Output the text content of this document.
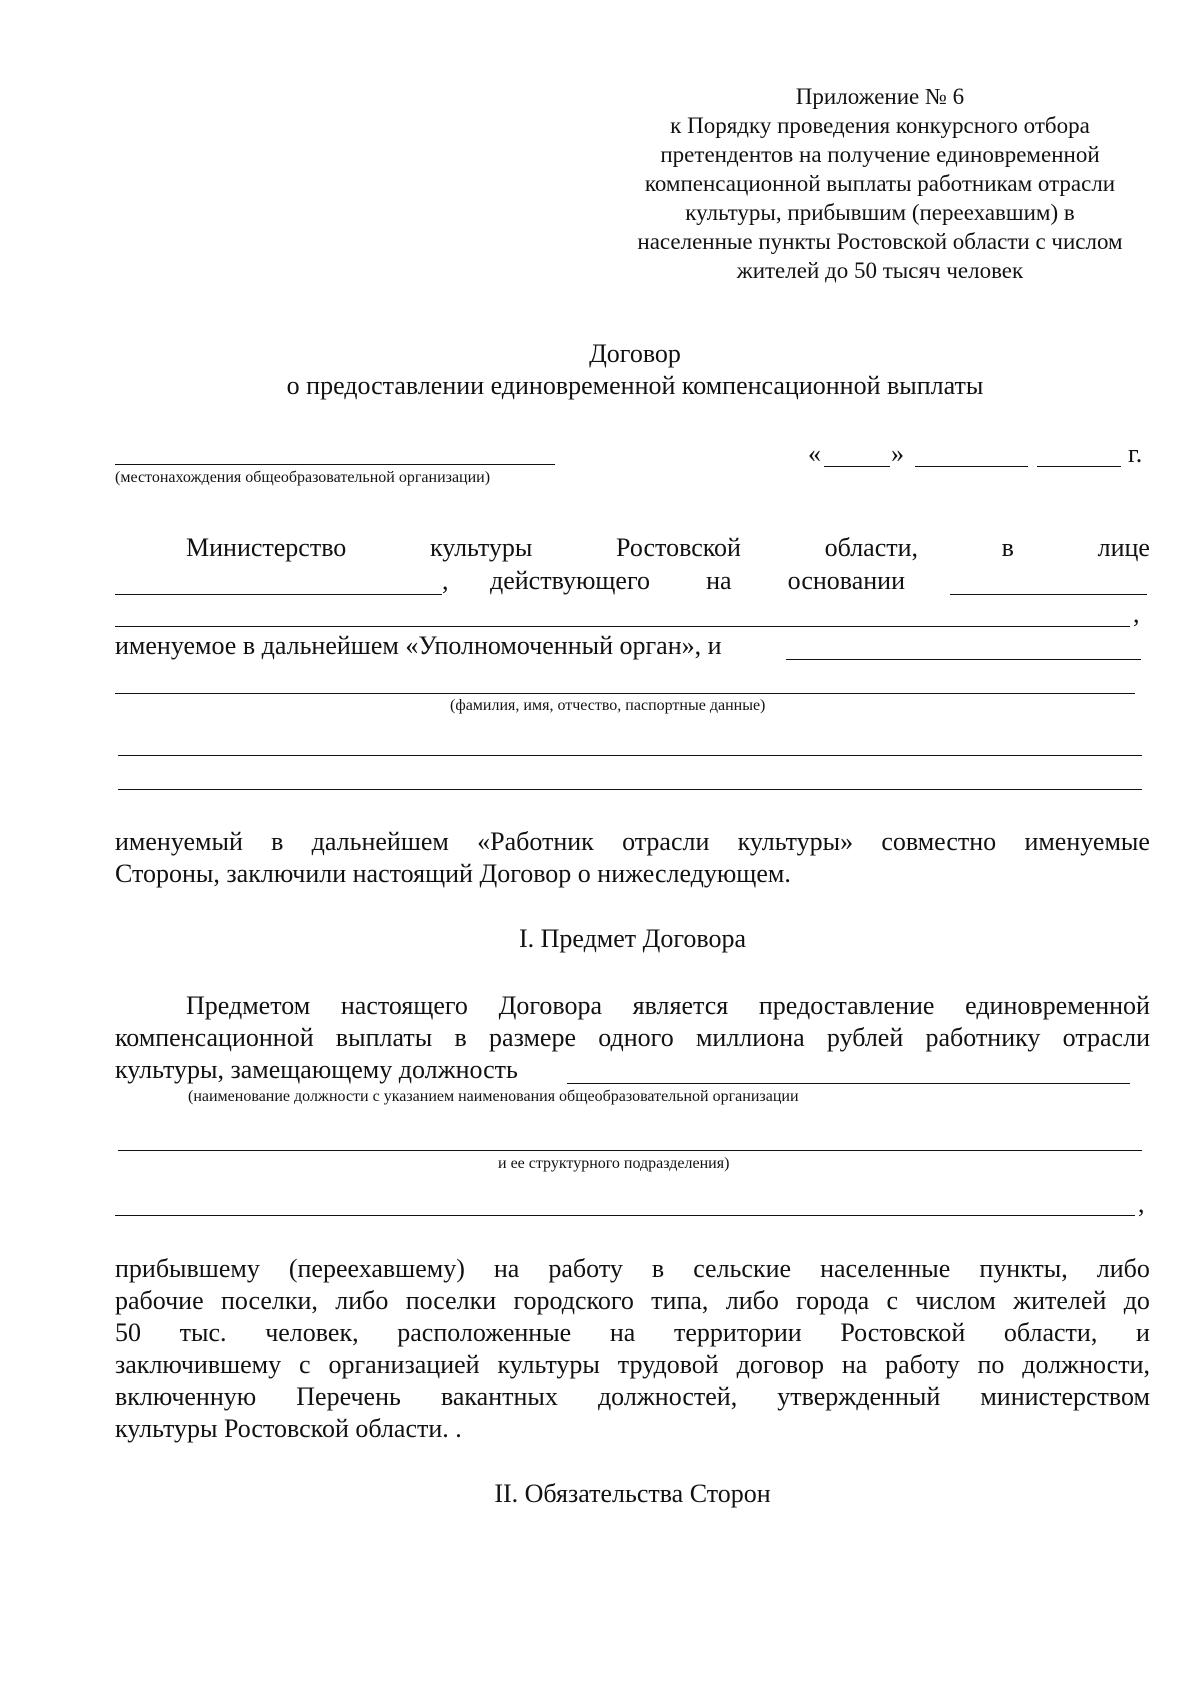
Приложение № 6
к Порядку проведения конкурсного отбора
претендентов на получение единовременной
компенсационной выплаты работникам отрасли
культуры, прибывшим (переехавшим) в
населенные пункты Ростовской области с числом
жителей до 50 тысяч человек
Договор
о предоставлении единовременной компенсационной выплаты
(местонахождения общеобразовательной организации)
«	»	г.
Министерство	культуры	Ростовской	области,	в	лице
, действующего на основании
,
именуемое в дальнейшем «Уполномоченный орган», и
(фамилия, имя, отчество, паспортные данные)
именуемый в дальнейшем «Работник отрасли культуры» совместно именуемые
Стороны, заключили настоящий Договор о нижеследующем.
I. Предмет Договора
Предметом настоящего Договора является предоставление единовременной
компенсационной выплаты в размере одного миллиона рублей работнику отрасли
культуры, замещающему должность
(наименование должности с указанием наименования общеобразовательной организации
и ее структурного подразделения)
,
прибывшему (переехавшему) на работу в сельские населенные пункты, либо
рабочие поселки, либо поселки городского типа, либо города с числом жителей до
50 тыс. человек, расположенные на территории Ростовской области, и
заключившему с организацией культуры трудовой договор на работу по должности,
включенную Перечень вакантных должностей, утвержденный министерством
культуры Ростовской области. .
II. Обязательства Сторон
